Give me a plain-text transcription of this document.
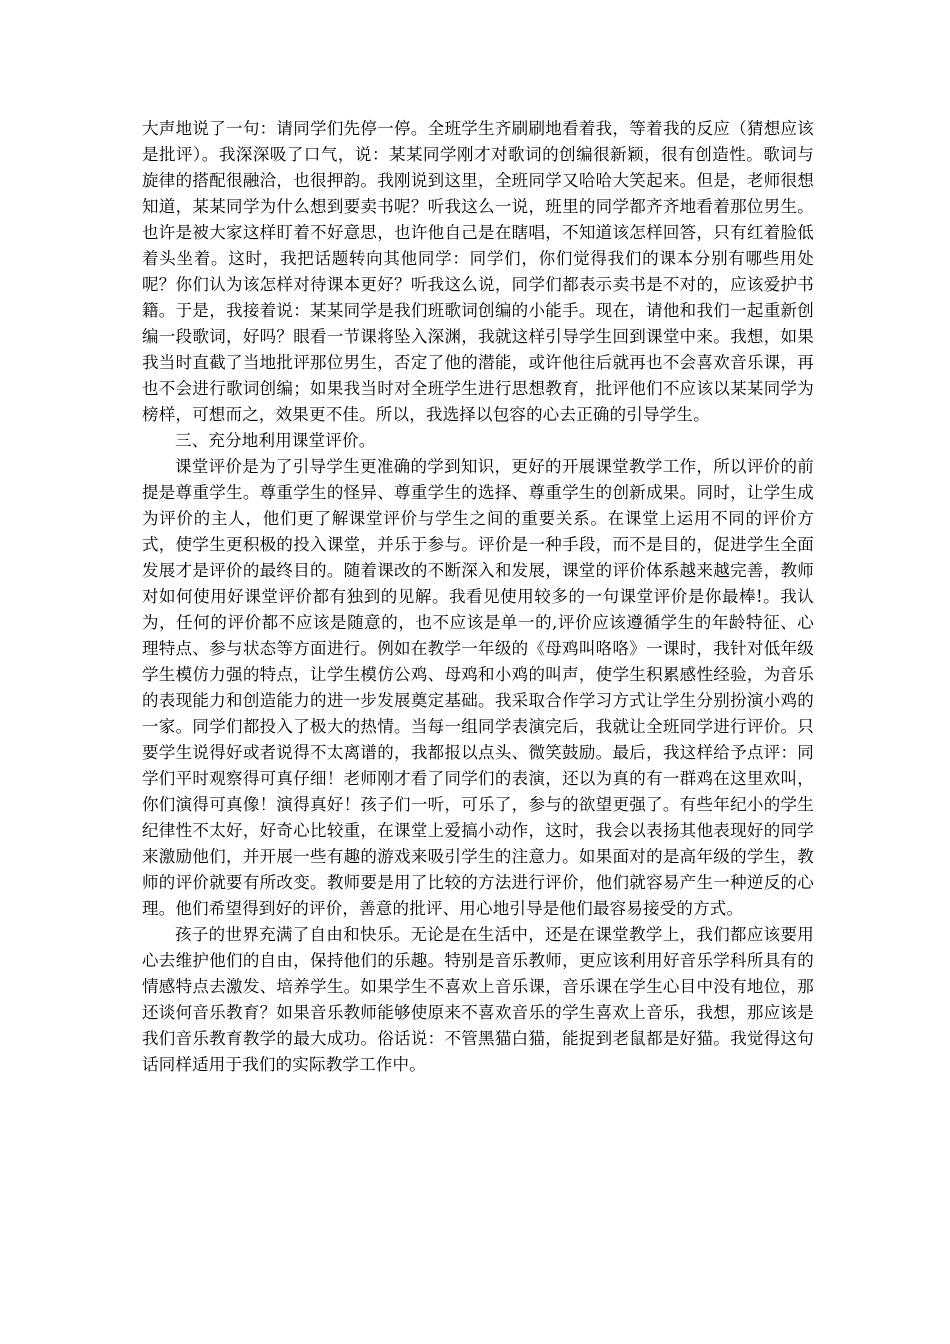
大声地说了一句：请同学们先停一停。全班学生齐刷刷地看着我，等着我的反应（猜想应该是批评）。我深深吸了口气，说：某某同学刚才对歌词的创编很新颖，很有创造性。歌词与旋律的搭配很融洽，也很押韵。我刚说到这里，全班同学又哈哈大笑起来。但是，老师很想知道，某某同学为什么想到要卖书呢？听我这么一说，班里的同学都齐齐地看着那位男生。也许是被大家这样盯着不好意思，也许他自己是在瞎唱，不知道该怎样回答，只有红着脸低着头坐着。这时，我把话题转向其他同学：同学们，你们觉得我们的课本分别有哪些用处呢？你们认为该怎样对待课本更好？听我这么说，同学们都表示卖书是不对的，应该爱护书籍。于是，我接着说：某某同学是我们班歌词创编的小能手。现在，请他和我们一起重新创编一段歌词，好吗？眼看一节课将坠入深渊，我就这样引导学生回到课堂中来。我想，如果我当时直截了当地批评那位男生，否定了他的潜能，或许他往后就再也不会喜欢音乐课，再也不会进行歌词创编；如果我当时对全班学生进行思想教育，批评他们不应该以某某同学为榜样，可想而之，效果更不佳。所以，我选择以包容的心去正确的引导学生。

三、充分地利用课堂评价。

课堂评价是为了引导学生更准确的学到知识，更好的开展课堂教学工作，所以评价的前提是尊重学生。尊重学生的怪异、尊重学生的选择、尊重学生的创新成果。同时，让学生成为评价的主人，他们更了解课堂评价与学生之间的重要关系。在课堂上运用不同的评价方式，使学生更积极的投入课堂，并乐于参与。评价是一种手段，而不是目的，促进学生全面发展才是评价的最终目的。随着课改的不断深入和发展，课堂的评价体系越来越完善，教师对如何使用好课堂评价都有独到的见解。我看见使用较多的一句课堂评价是你最棒!。我认为，任何的评价都不应该是随意的，也不应该是单一的,评价应该遵循学生的年龄特征、心理特点、参与状态等方面进行。例如在教学一年级的《母鸡叫咯咯》一课时，我针对低年级学生模仿力强的特点，让学生模仿公鸡、母鸡和小鸡的叫声，使学生积累感性经验，为音乐的表现能力和创造能力的进一步发展奠定基础。我采取合作学习方式让学生分别扮演小鸡的一家。同学们都投入了极大的热情。当每一组同学表演完后，我就让全班同学进行评价。只要学生说得好或者说得不太离谱的，我都报以点头、微笑鼓励。最后，我这样给予点评：同学们平时观察得可真仔细！老师刚才看了同学们的表演，还以为真的有一群鸡在这里欢叫，你们演得可真像！演得真好！孩子们一听，可乐了，参与的欲望更强了。有些年纪小的学生纪律性不太好，好奇心比较重，在课堂上爱搞小动作，这时，我会以表扬其他表现好的同学来激励他们，并开展一些有趣的游戏来吸引学生的注意力。如果面对的是高年级的学生，教师的评价就要有所改变。教师要是用了比较的方法进行评价，他们就容易产生一种逆反的心理。他们希望得到好的评价，善意的批评、用心地引导是他们最容易接受的方式。

孩子的世界充满了自由和快乐。无论是在生活中，还是在课堂教学上，我们都应该要用心去维护他们的自由，保持他们的乐趣。特别是音乐教师，更应该利用好音乐学科所具有的情感特点去激发、培养学生。如果学生不喜欢上音乐课，音乐课在学生心目中没有地位，那还谈何音乐教育？如果音乐教师能够使原来不喜欢音乐的学生喜欢上音乐，我想，那应该是我们音乐教育教学的最大成功。俗话说：不管黑猫白猫，能捉到老鼠都是好猫。我觉得这句话同样适用于我们的实际教学工作中。
